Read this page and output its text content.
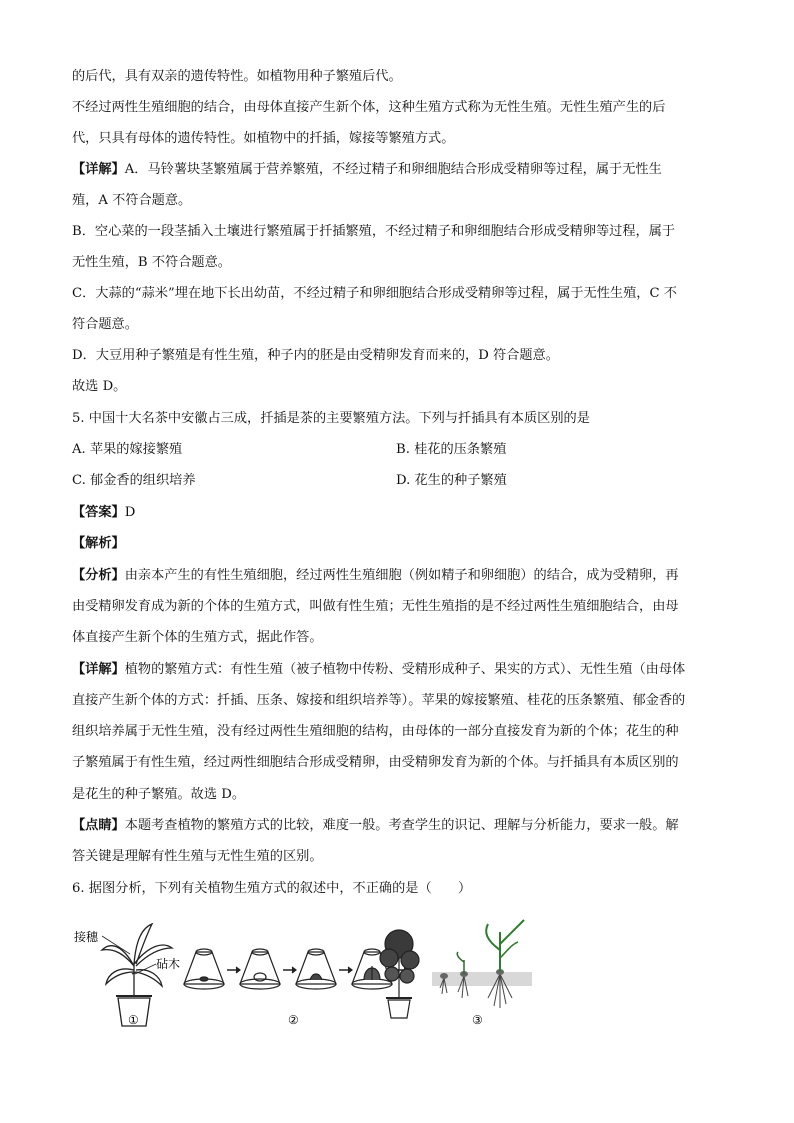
的后代，具有双亲的遗传特性。如植物用种子繁殖后代。
不经过两性生殖细胞的结合，由母体直接产生新个体，这种生殖方式称为无性生殖。无性生殖产生的后
代，只具有母体的遗传特性。如植物中的扦插，嫁接等繁殖方式。
【详解】A．马铃薯块茎繁殖属于营养繁殖，不经过精子和卵细胞结合形成受精卵等过程，属于无性生
殖，A 不符合题意。
B．空心菜的一段茎插入土壤进行繁殖属于扦插繁殖，不经过精子和卵细胞结合形成受精卵等过程，属于
无性生殖，B 不符合题意。
C．大蒜的“蒜米”埋在地下长出幼苗，不经过精子和卵细胞结合形成受精卵等过程，属于无性生殖，C 不
符合题意。
D．大豆用种子繁殖是有性生殖，种子内的胚是由受精卵发育而来的，D 符合题意。
故选 D。
5. 中国十大名茶中安徽占三成，扦插是茶的主要繁殖方法。下列与扦插具有本质区别的是
A. 苹果的嫁接繁殖	B. 桂花的压条繁殖
C. 郁金香的组织培养	D. 花生的种子繁殖
【答案】D
【解析】
【分析】由亲本产生的有性生殖细胞，经过两性生殖细胞（例如精子和卵细胞）的结合，成为受精卵，再
由受精卵发育成为新的个体的生殖方式，叫做有性生殖；无性生殖指的是不经过两性生殖细胞结合，由母
体直接产生新个体的生殖方式，据此作答。
【详解】植物的繁殖方式：有性生殖（被子植物中传粉、受精形成种子、果实的方式）、无性生殖（由母体
直接产生新个体的方式：扦插、压条、嫁接和组织培养等）。苹果的嫁接繁殖、桂花的压条繁殖、郁金香的
组织培养属于无性生殖，没有经过两性生殖细胞的结构，由母体的一部分直接发育为新的个体；花生的种
子繁殖属于有性生殖，经过两性细胞结合形成受精卵，由受精卵发育为新的个体。与扦插具有本质区别的
是花生的种子繁殖。故选 D。
【点睛】本题考查植物的繁殖方式的比较，难度一般。考查学生的识记、理解与分析能力，要求一般。解
答关键是理解有性生殖与无性生殖的区别。
6. 据图分析，下列有关植物生殖方式的叙述中，不正确的是（　　）
接穗
砧木
①	②	③
